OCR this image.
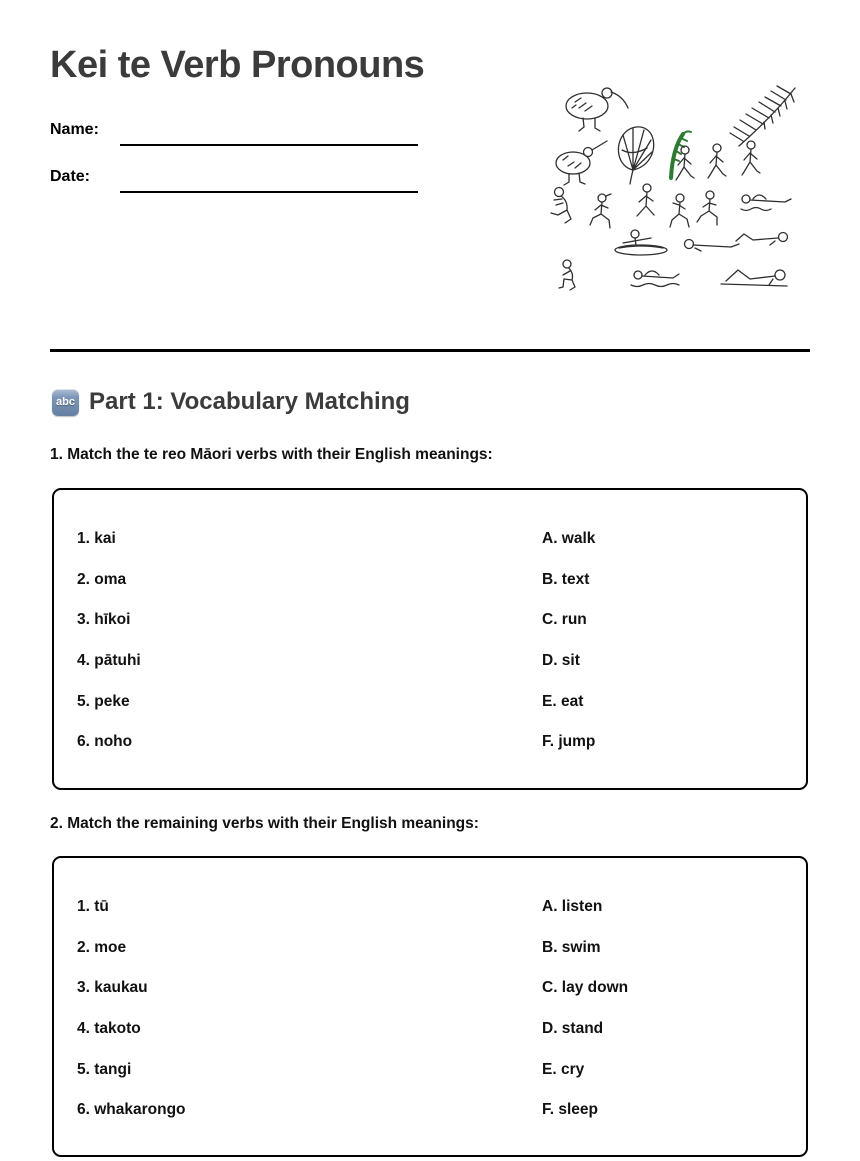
Kei te Verb Pronouns
Name:
Date:
abc Part 1: Vocabulary Matching
1. Match the te reo Māori verbs with their English meanings:
1. kai	A. walk
2. oma	B. text
3. hīkoi	C. run
4. pātuhi	D. sit
5. peke	E. eat
6. noho	F. jump
2. Match the remaining verbs with their English meanings:
1. tū	A. listen
2. moe	B. swim
3. kaukau	C. lay down
4. takoto	D. stand
5. tangi	E. cry
6. whakarongo	F. sleep
